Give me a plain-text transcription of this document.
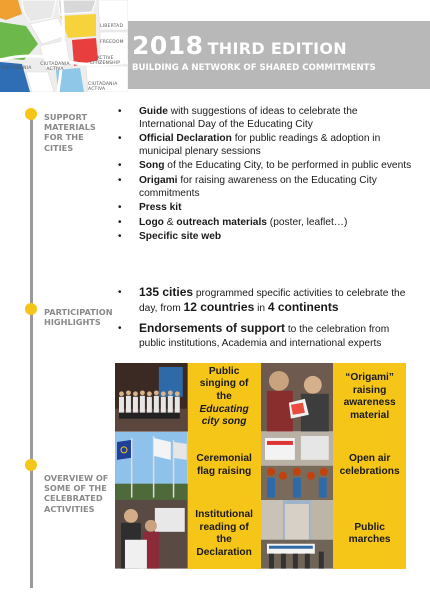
LIBERTAD
FREEDOM
CIUTADANIA ACTIVA
ACTIVE CITIZENSHIP
CIUTADANIA ACTIVA
CIUTADANIA
2018 THIRD EDITION
BUILDING A NETWORK OF SHARED COMMITMENTS
SUPPORT
MATERIALS
FOR THE
CITIES
PARTICIPATION
HIGHLIGHTS
OVERVIEW OF
SOME OF THE
CELEBRATED
ACTIVITIES
• Guide with suggestions of ideas to celebrate the International Day of the Educating City
• Official Declaration for public readings & adoption in municipal plenary sessions
• Song of the Educating City, to be performed in public events
• Origami for raising awareness on the Educating City commitments
• Press kit
• Logo & outreach materials (poster, leaflet…)
• Specific site web
• 135 cities programmed specific activities to celebrate the day, from 12 countries in 4 continents
• Endorsements of support to the celebration from public institutions, Academia and international experts
Public singing of the Educating city song
“Origami” raising awareness material
Ceremonial flag raising
Open air celebrations
Institutional reading of the Declaration
Public marches
